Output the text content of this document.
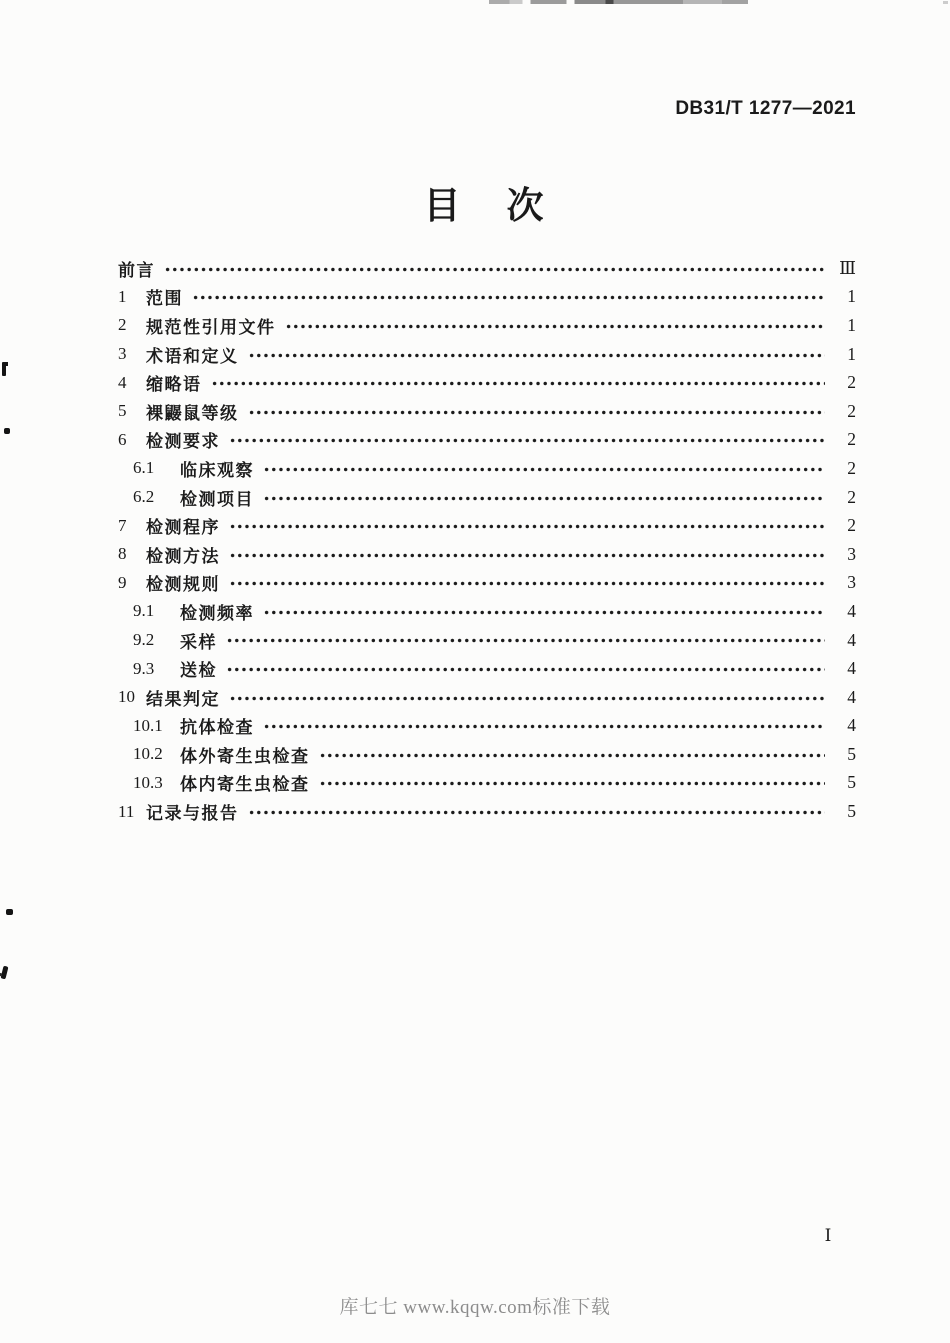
DB31/T 1277—2021
目    次
前言	Ⅲ
1	范围	1
2	规范性引用文件	1
3	术语和定义	1
4	缩略语	2
5	裸鼹鼠等级	2
6	检测要求	2
6.1	临床观察	2
6.2	检测项目	2
7	检测程序	2
8	检测方法	3
9	检测规则	3
9.1	检测频率	4
9.2	采样	4
9.3	送检	4
10 结果判定	4
10.1	抗体检查	4
10.2	体外寄生虫检查	5
10.3	体内寄生虫检查	5
11 记录与报告	5
Ⅰ
库七七 www.kqqw.com标准下载
